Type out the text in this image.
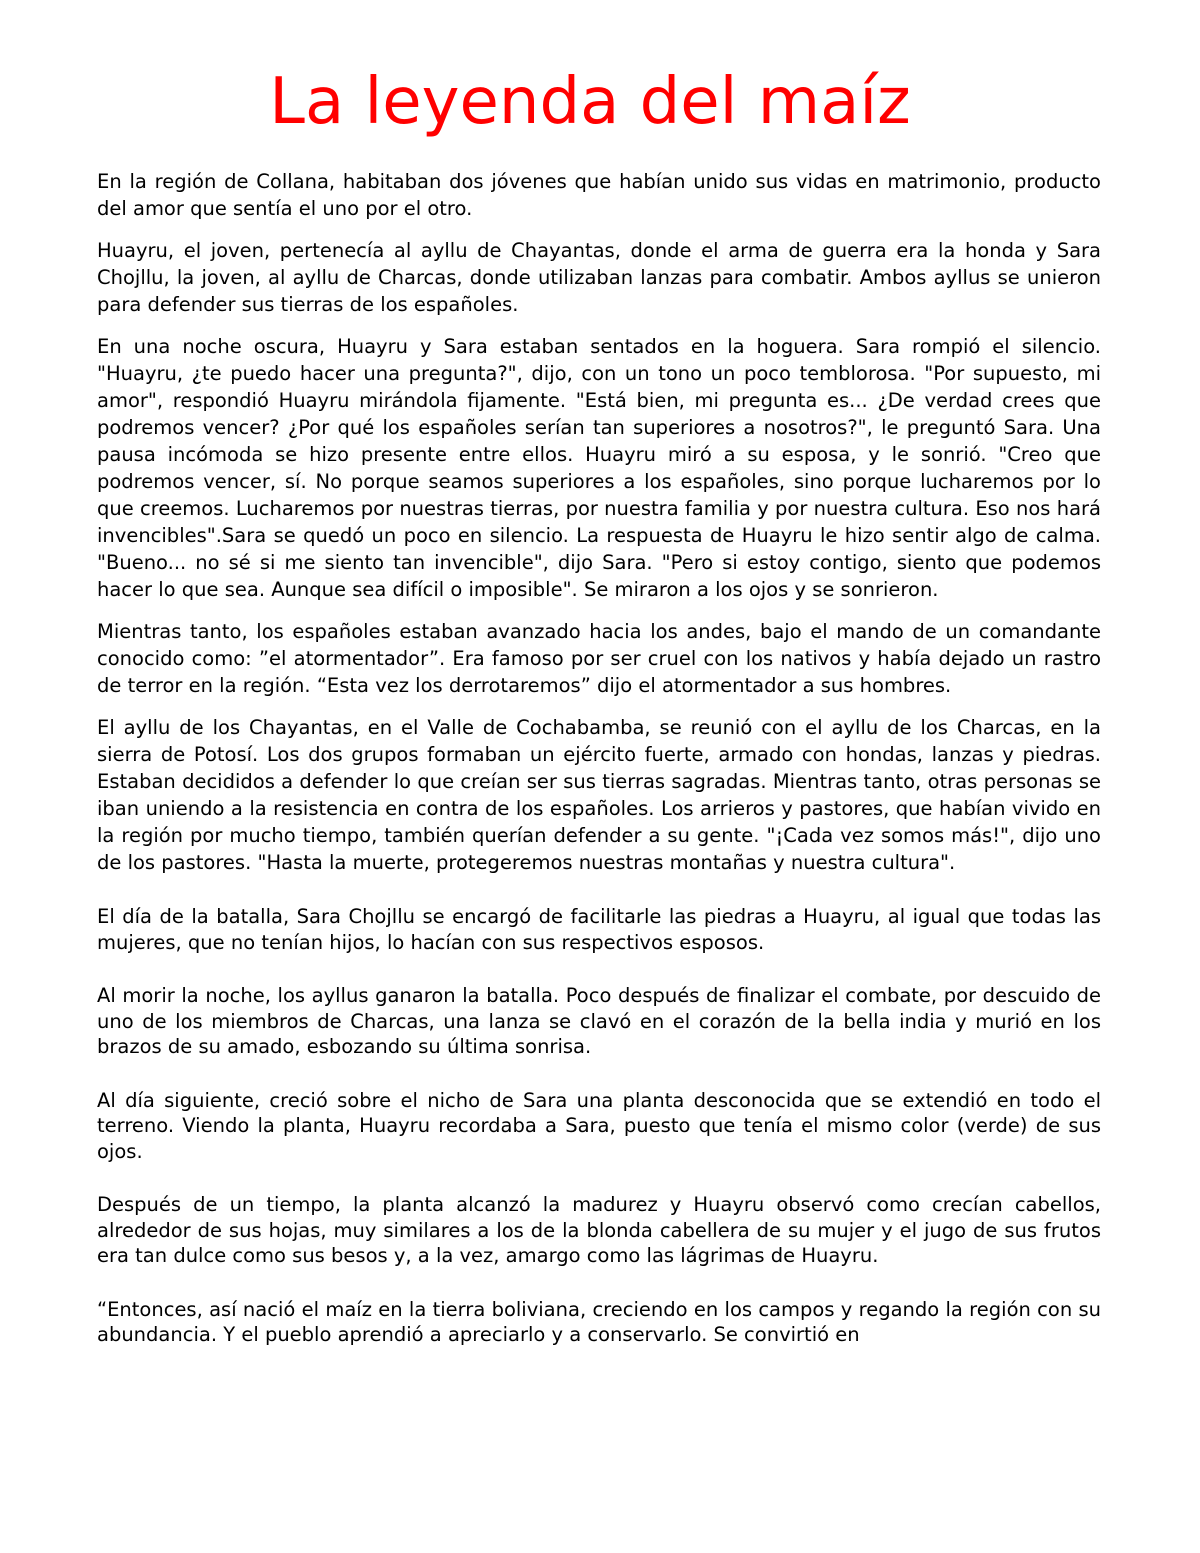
La leyenda del maíz

En la región de Collana, habitaban dos jóvenes que habían unido sus vidas en matrimonio, producto del amor que sentía el uno por el otro.

Huayru, el joven, pertenecía al ayllu de Chayantas, donde el arma de guerra era la honda y Sara Chojllu, la joven, al ayllu de Charcas, donde utilizaban lanzas para combatir. Ambos ayllus se unieron para defender sus tierras de los españoles.

En una noche oscura, Huayru y Sara estaban sentados en la hoguera. Sara rompió el silencio. "Huayru, ¿te puedo hacer una pregunta?", dijo, con un tono un poco temblorosa. "Por supuesto, mi amor", respondió Huayru mirándola fijamente. "Está bien, mi pregunta es... ¿De verdad crees que podremos vencer? ¿Por qué los españoles serían tan superiores a nosotros?", le preguntó Sara. Una pausa incómoda se hizo presente entre ellos. Huayru miró a su esposa, y le sonrió. "Creo que podremos vencer, sí. No porque seamos superiores a los españoles, sino porque lucharemos por lo que creemos. Lucharemos por nuestras tierras, por nuestra familia y por nuestra cultura. Eso nos hará invencibles".Sara se quedó un poco en silencio. La respuesta de Huayru le hizo sentir algo de calma. "Bueno... no sé si me siento tan invencible", dijo Sara. "Pero si estoy contigo, siento que podemos hacer lo que sea. Aunque sea difícil o imposible". Se miraron a los ojos y se sonrieron.

Mientras tanto, los españoles estaban avanzado hacia los andes, bajo el mando de un comandante conocido como: ”el atormentador”. Era famoso por ser cruel con los nativos y había dejado un rastro de terror en la región. “Esta vez los derrotaremos” dijo el atormentador a sus hombres.

El ayllu de los Chayantas, en el Valle de Cochabamba, se reunió con el ayllu de los Charcas, en la sierra de Potosí. Los dos grupos formaban un ejército fuerte, armado con hondas, lanzas y piedras. Estaban decididos a defender lo que creían ser sus tierras sagradas. Mientras tanto, otras personas se iban uniendo a la resistencia en contra de los españoles. Los arrieros y pastores, que habían vivido en la región por mucho tiempo, también querían defender a su gente. "¡Cada vez somos más!", dijo uno de los pastores. "Hasta la muerte, protegeremos nuestras montañas y nuestra cultura".

El día de la batalla, Sara Chojllu se encargó de facilitarle las piedras a Huayru, al igual que todas las mujeres, que no tenían hijos, lo hacían con sus respectivos esposos.

Al morir la noche, los ayllus ganaron la batalla. Poco después de finalizar el combate, por descuido de uno de los miembros de Charcas, una lanza se clavó en el corazón de la bella india y murió en los brazos de su amado, esbozando su última sonrisa.

Al día siguiente, creció sobre el nicho de Sara una planta desconocida que se extendió en todo el terreno. Viendo la planta, Huayru recordaba a Sara, puesto que tenía el mismo color (verde) de sus ojos.

Después de un tiempo, la planta alcanzó la madurez y Huayru observó como crecían cabellos, alrededor de sus hojas, muy similares a los de la blonda cabellera de su mujer y el jugo de sus frutos era tan dulce como sus besos y, a la vez, amargo como las lágrimas de Huayru.

“Entonces, así nació el maíz en la tierra boliviana, creciendo en los campos y regando la región con su abundancia. Y el pueblo aprendió a apreciarlo y a conservarlo. Se convirtió en
